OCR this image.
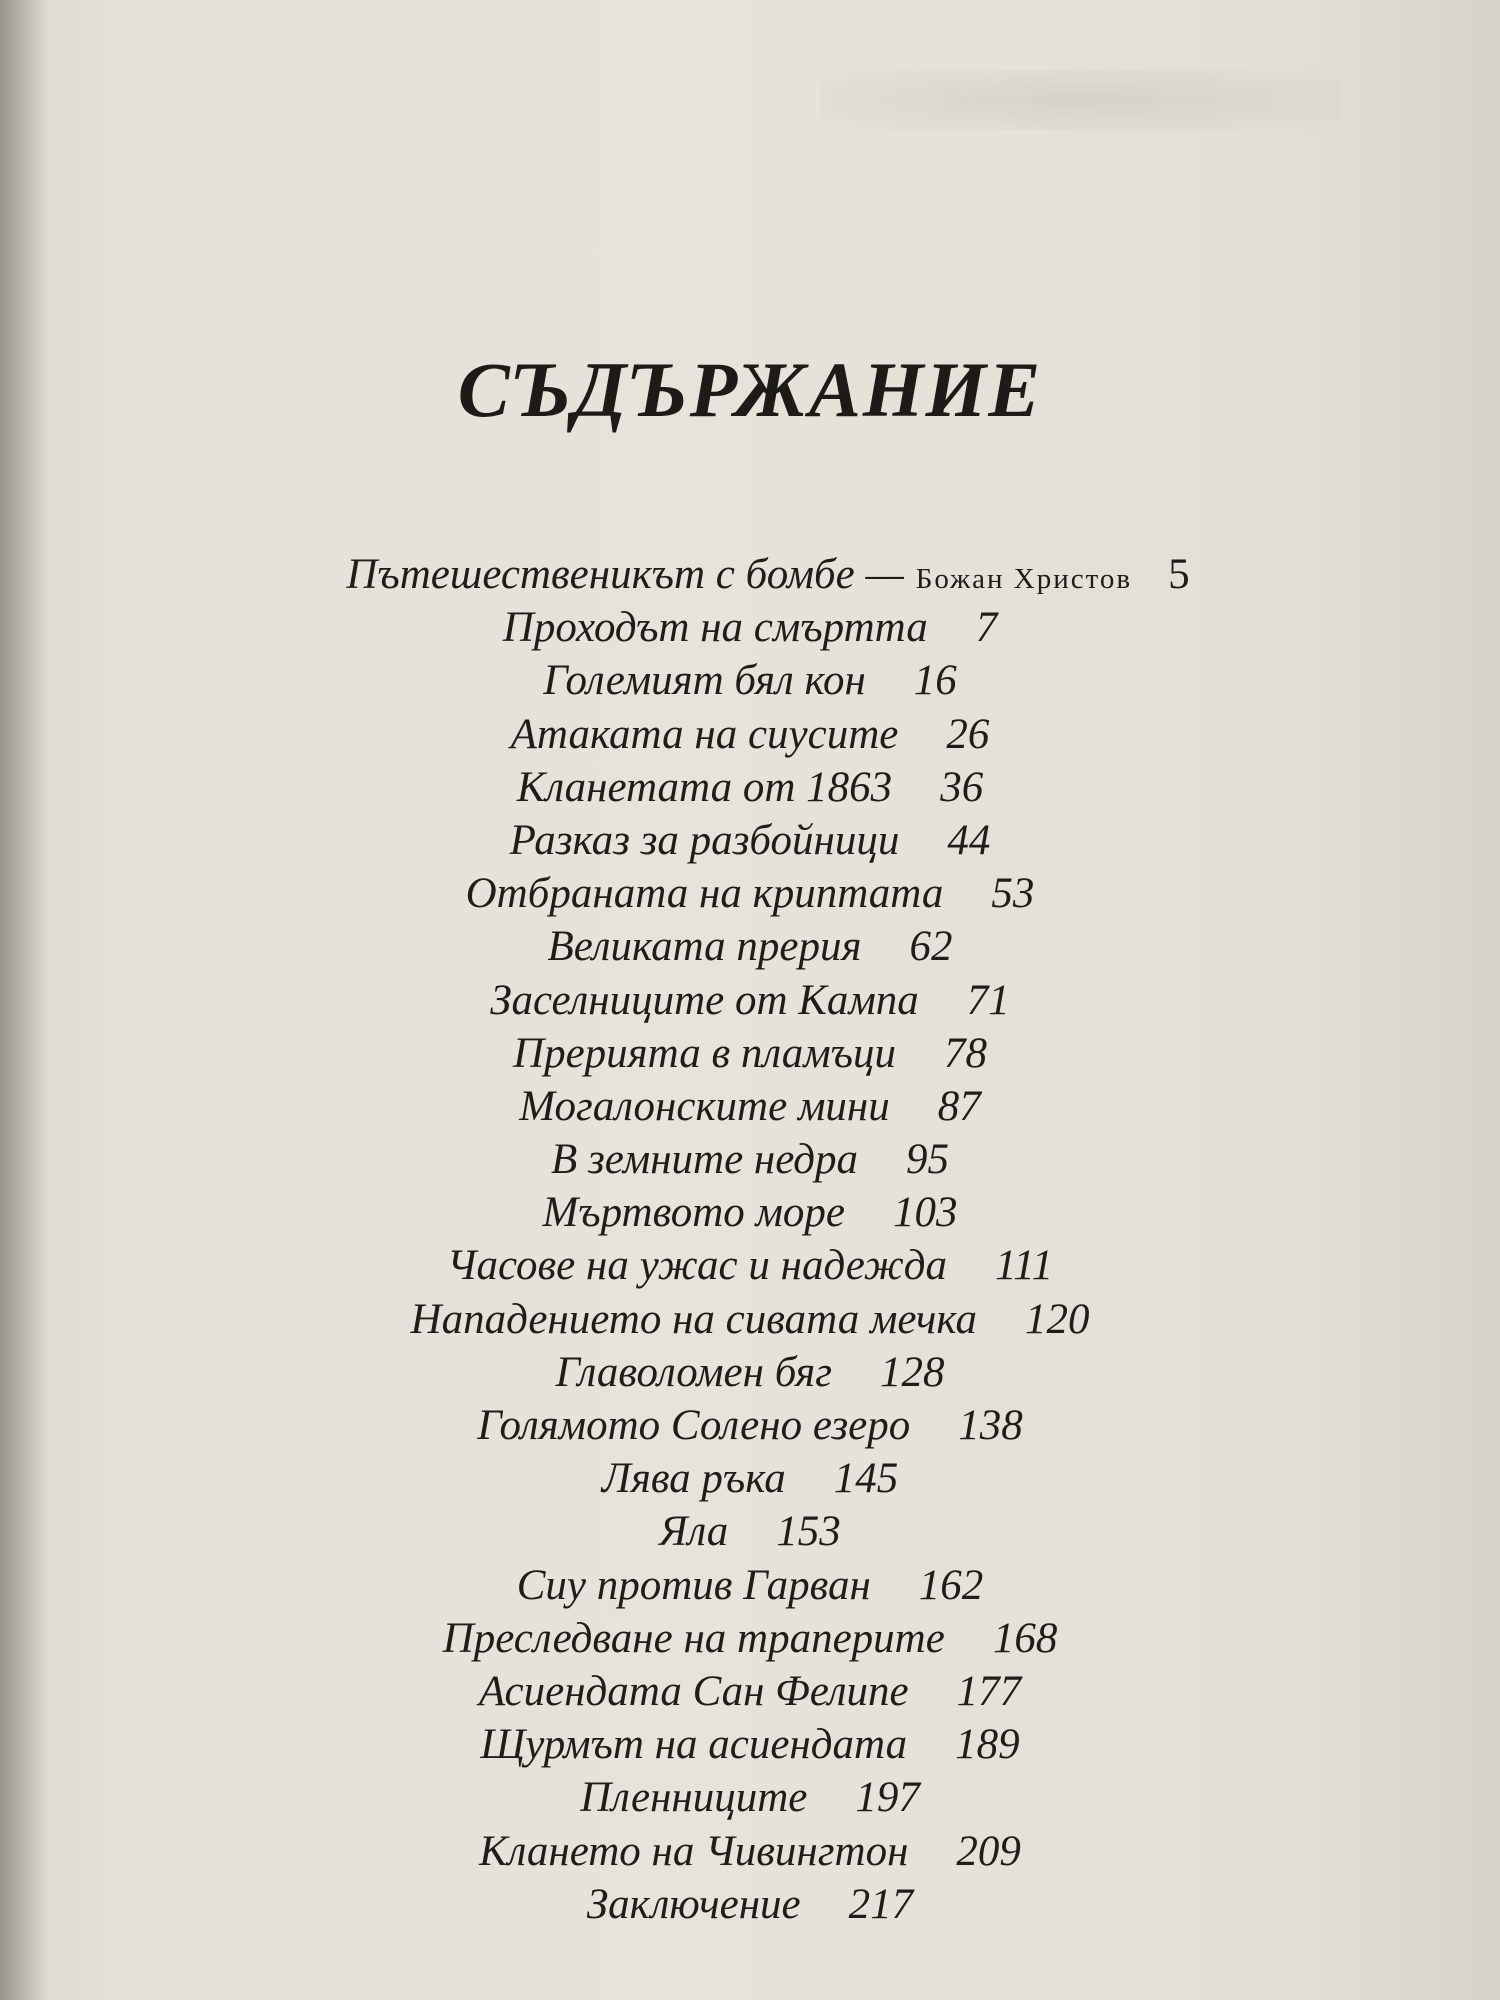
СЪДЪРЖАНИЕ
Пътешественикът с бомбе — Божан Христов 5
Проходът на смъртта 7
Големият бял кон 16
Атаката на сиусите 26
Кланетата от 1863 36
Разказ за разбойници 44
Отбраната на криптата 53
Великата прерия 62
Заселниците от Кампа 71
Прерията в пламъци 78
Могалонските мини 87
В земните недра 95
Мъртвото море 103
Часове на ужас и надежда 111
Нападението на сивата мечка 120
Главоломен бяг 128
Голямото Солено езеро 138
Лява ръка 145
Яла 153
Сиу против Гарван 162
Преследване на траперите 168
Асиендата Сан Фелипе 177
Щурмът на асиендата 189
Пленниците 197
Клането на Чивингтон 209
Заключение 217
